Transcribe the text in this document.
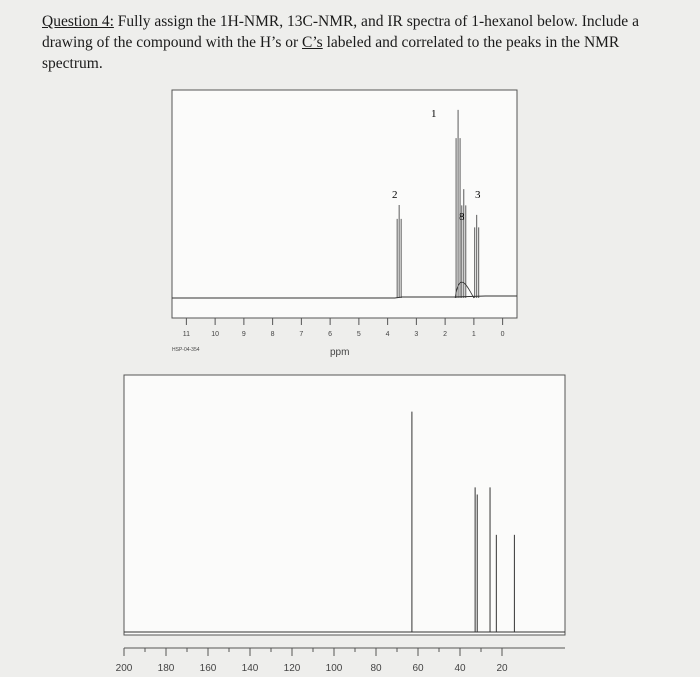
Question 4: Fully assign the 1H-NMR, 13C-NMR, and IR spectra of 1-hexanol below. Include a drawing of the compound with the H’s or C’s labeled and correlated to the peaks in the NMR spectrum.
11	10	9	8	7	6	5	4	3	2	1	0
2
1
3
8
ppm
HSP-04-354
200	180	160	140	120	100	80	60	40	20
